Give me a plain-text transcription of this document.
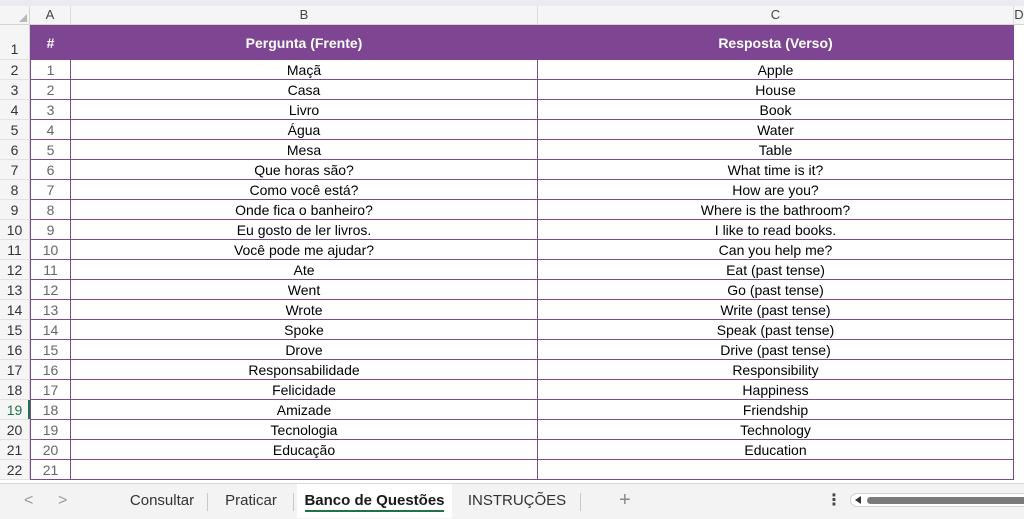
A	B	C	D
1	#	Pergunta (Frente)	Resposta (Verso)
2	1	Maçã	Apple
3	2	Casa	House
4	3	Livro	Book
5	4	Água	Water
6	5	Mesa	Table
7	6	Que horas são?	What time is it?
8	7	Como você está?	How are you?
9	8	Onde fica o banheiro?	Where is the bathroom?
10	9	Eu gosto de ler livros.	I like to read books.
11	10	Você pode me ajudar?	Can you help me?
12	11	Ate	Eat (past tense)
13	12	Went	Go (past tense)
14	13	Wrote	Write (past tense)
15	14	Spoke	Speak (past tense)
16	15	Drove	Drive (past tense)
17	16	Responsabilidade	Responsibility
18	17	Felicidade	Happiness
19	18	Amizade	Friendship
20	19	Tecnologia	Technology
21	20	Educação	Education
22	21
< >	Consultar	Praticar	Banco de Questões	INSTRUÇÕES	+	⋮
